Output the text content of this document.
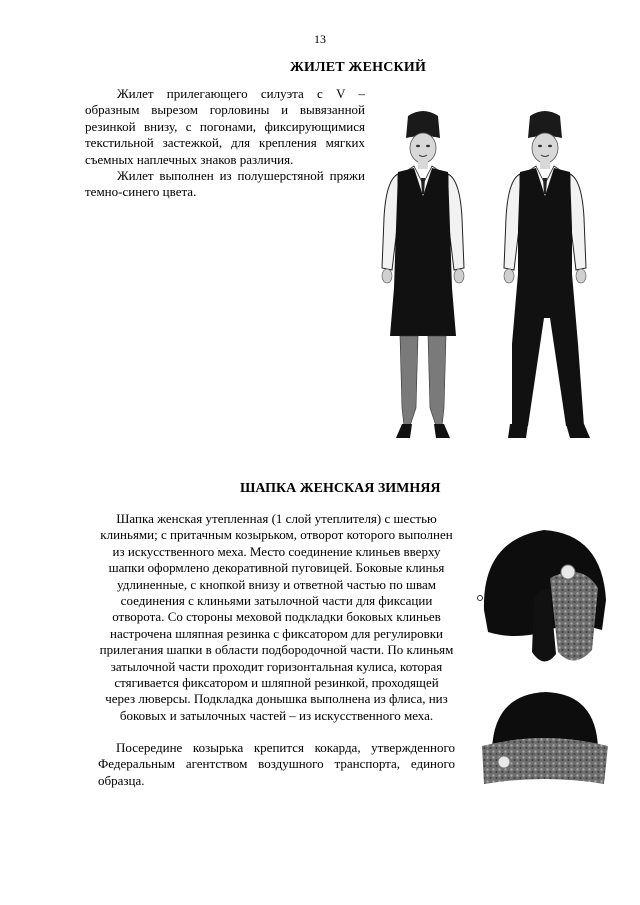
13
ЖИЛЕТ ЖЕНСКИЙ

Жилет прилегающего силуэта с V – образным вырезом горловины и вывязанной резинкой внизу, с погонами, фиксирующимися текстильной застежкой, для крепления мягких съемных наплечных знаков различия.

Жилет выполнен из полушерстяной пряжи темно-синего цвета.

ШАПКА ЖЕНСКАЯ ЗИМНЯЯ

Шапка женская утепленная (1 слой утеплителя) с шестью клиньями; с притачным козырьком, отворот которого выполнен из искусственного меха. Место соединение клиньев вверху шапки оформлено декоративной пуговицей. Боковые клинья удлиненные, с кнопкой внизу и ответной частью по швам соединения с клиньями затылочной части для фиксации отворота. Со стороны меховой подкладки боковых клиньев настрочена шляпная резинка с фиксатором для регулировки прилегания шапки в области подбородочной части. По клиньям затылочной части проходит горизонтальная кулиса, которая стягивается фиксатором и шляпной резинкой, проходящей через люверсы. Подкладка донышка выполнена из флиса, низ боковых и затылочных частей – из искусственного меха.

Посередине козырька крепится кокарда, утвержденного Федеральным агентством воздушного транспорта, единого образца.
